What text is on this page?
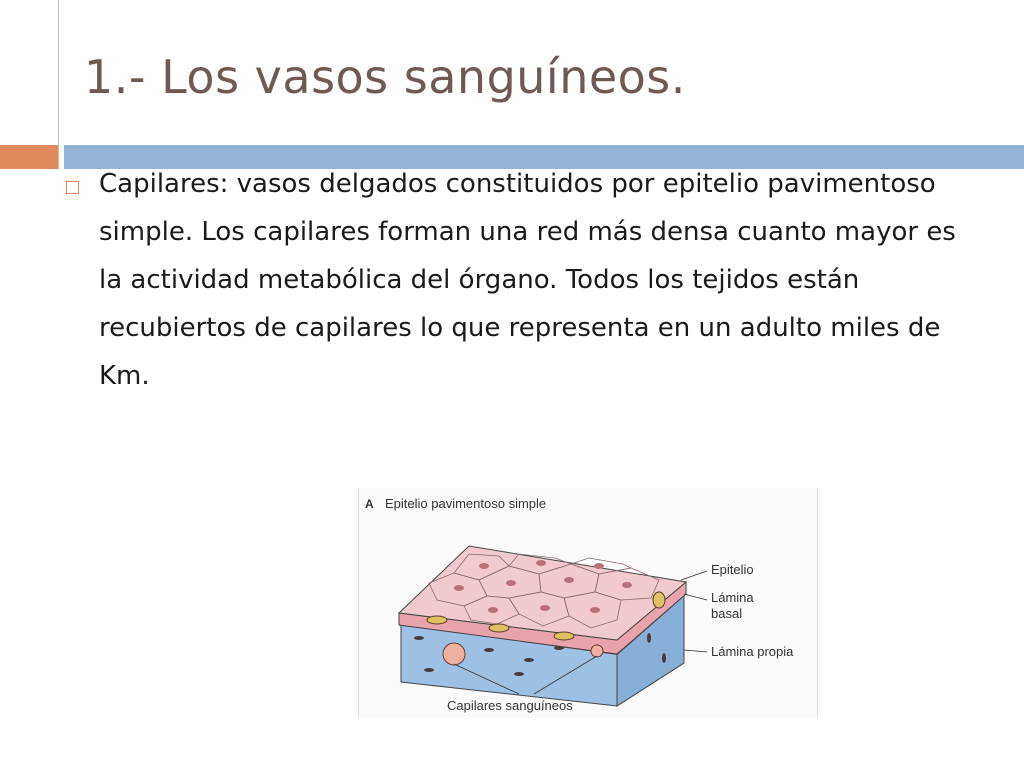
1.- Los vasos sanguíneos.

Capilares: vasos delgados constituidos por epitelio pavimentoso simple. Los capilares forman una red más densa cuanto mayor es la actividad metabólica del órgano. Todos los tejidos están recubiertos de capilares lo que representa en un adulto miles de Km.

A Epitelio pavimentoso simple
Epitelio
Lámina
basal
Lámina propia
Capilares sanguíneos
